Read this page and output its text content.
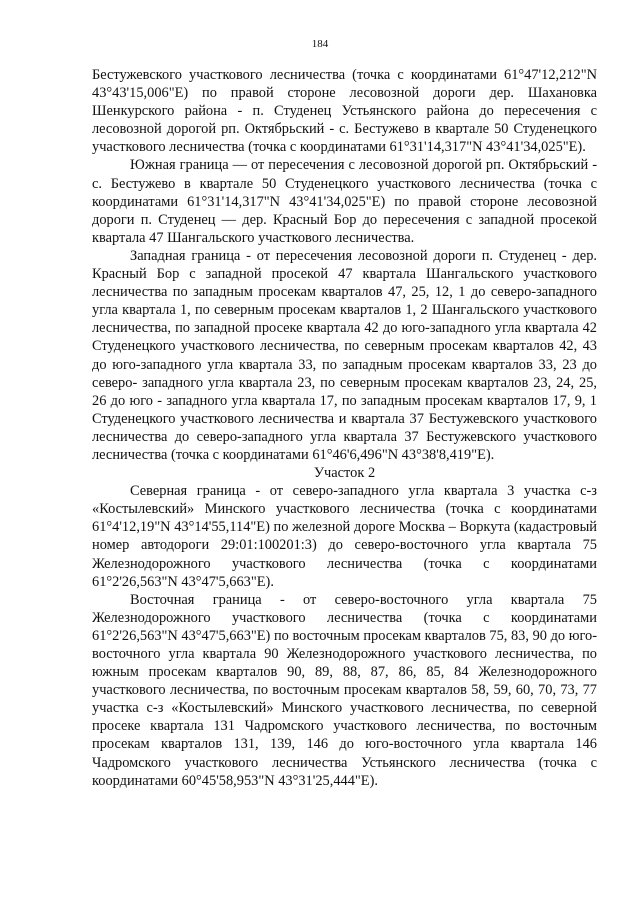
184

Бестужевского участкового лесничества (точка с координатами 61°47'12,212"N 43°43'15,006"E) по правой стороне лесовозной дороги дер. Шахановка Шенкурского района - п. Студенец Устьянского района до пересечения с лесовозной дорогой рп. Октябрьский - с. Бестужево в квартале 50 Студенецкого участкового лесничества (точка с координатами 61°31'14,317"N 43°41'34,025"E).

Южная граница — от пересечения с лесовозной дорогой рп. Октябрьский - с. Бестужево в квартале 50 Студенецкого участкового лесничества (точка с координатами 61°31'14,317"N 43°41'34,025"E) по правой стороне лесовозной дороги п. Студенец — дер. Красный Бор до пересечения с западной просекой квартала 47 Шангальского участкового лесничества.

Западная граница - от пересечения лесовозной дороги п. Студенец - дер. Красный Бор с западной просекой 47 квартала Шангальского участкового лесничества по западным просекам кварталов 47, 25, 12, 1 до северо-западного угла квартала 1, по северным просекам кварталов 1, 2 Шангальского участкового лесничества, по западной просеке квартала 42 до юго-западного угла квартала 42 Студенецкого участкового лесничества, по северным просекам кварталов 42, 43 до юго-западного угла квартала 33, по западным просекам кварталов 33, 23 до северо- западного угла квартала 23, по северным просекам кварталов 23, 24, 25, 26 до юго - западного угла квартала 17, по западным просекам кварталов 17, 9, 1 Студенецкого участкового лесничества и квартала 37 Бестужевского участкового лесничества до северо-западного угла квартала 37 Бестужевского участкового лесничества (точка с координатами 61°46'6,496"N 43°38'8,419"E).

Участок 2

Северная граница - от северо-западного угла квартала 3 участка с-з «Костылевский» Минского участкового лесничества (точка с координатами 61°4'12,19"N 43°14'55,114"E) по железной дороге Москва – Воркута (кадастровый номер автодороги 29:01:100201:3) до северо-восточного угла квартала 75 Железнодорожного участкового лесничества (точка с координатами 61°2'26,563"N 43°47'5,663"E).

Восточная граница - от северо-восточного угла квартала 75 Железнодорожного участкового лесничества (точка с координатами 61°2'26,563"N 43°47'5,663"E) по восточным просекам кварталов 75, 83, 90 до юго-восточного угла квартала 90 Железнодорожного участкового лесничества, по южным просекам кварталов 90, 89, 88, 87, 86, 85, 84 Железнодорожного участкового лесничества, по восточным просекам кварталов 58, 59, 60, 70, 73, 77 участка с-з «Костылевский» Минского участкового лесничества, по северной просеке квартала 131 Чадромского участкового лесничества, по восточным просекам кварталов 131, 139, 146 до юго-восточного угла квартала 146 Чадромского участкового лесничества Устьянского лесничества (точка с координатами 60°45'58,953"N 43°31'25,444"E).
